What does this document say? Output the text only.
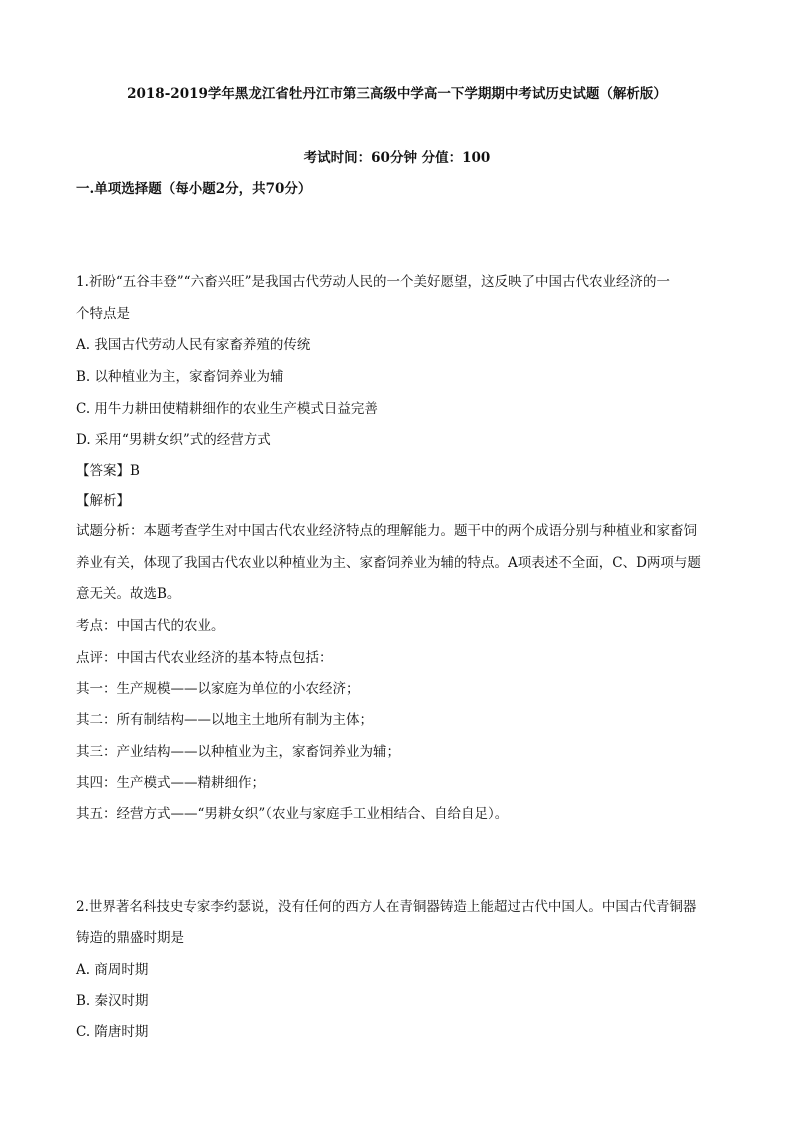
2018-2019学年黑龙江省牡丹江市第三高级中学高一下学期期中考试历史试题（解析版）
考试时间：60分钟 分值：100
一.单项选择题（每小题2分，共70分）
1.祈盼“五谷丰登”“六畜兴旺”是我国古代劳动人民的一个美好愿望，这反映了中国古代农业经济的一
个特点是
A. 我国古代劳动人民有家畜养殖的传统
B. 以种植业为主，家畜饲养业为辅
C. 用牛力耕田使精耕细作的农业生产模式日益完善
D. 采用“男耕女织”式的经营方式
【答案】B
【解析】
试题分析：本题考查学生对中国古代农业经济特点的理解能力。题干中的两个成语分别与种植业和家畜饲
养业有关，体现了我国古代农业以种植业为主、家畜饲养业为辅的特点。A项表述不全面，C、D两项与题
意无关。故选B。
考点：中国古代的农业。
点评：中国古代农业经济的基本特点包括：
其一：生产规模——以家庭为单位的小农经济；
其二：所有制结构——以地主土地所有制为主体；
其三：产业结构——以种植业为主，家畜饲养业为辅；
其四：生产模式——精耕细作；
其五：经营方式——“男耕女织”（农业与家庭手工业相结合、自给自足）。
2.世界著名科技史专家李约瑟说，没有任何的西方人在青铜器铸造上能超过古代中国人。中国古代青铜器
铸造的鼎盛时期是
A. 商周时期
B. 秦汉时期
C. 隋唐时期
